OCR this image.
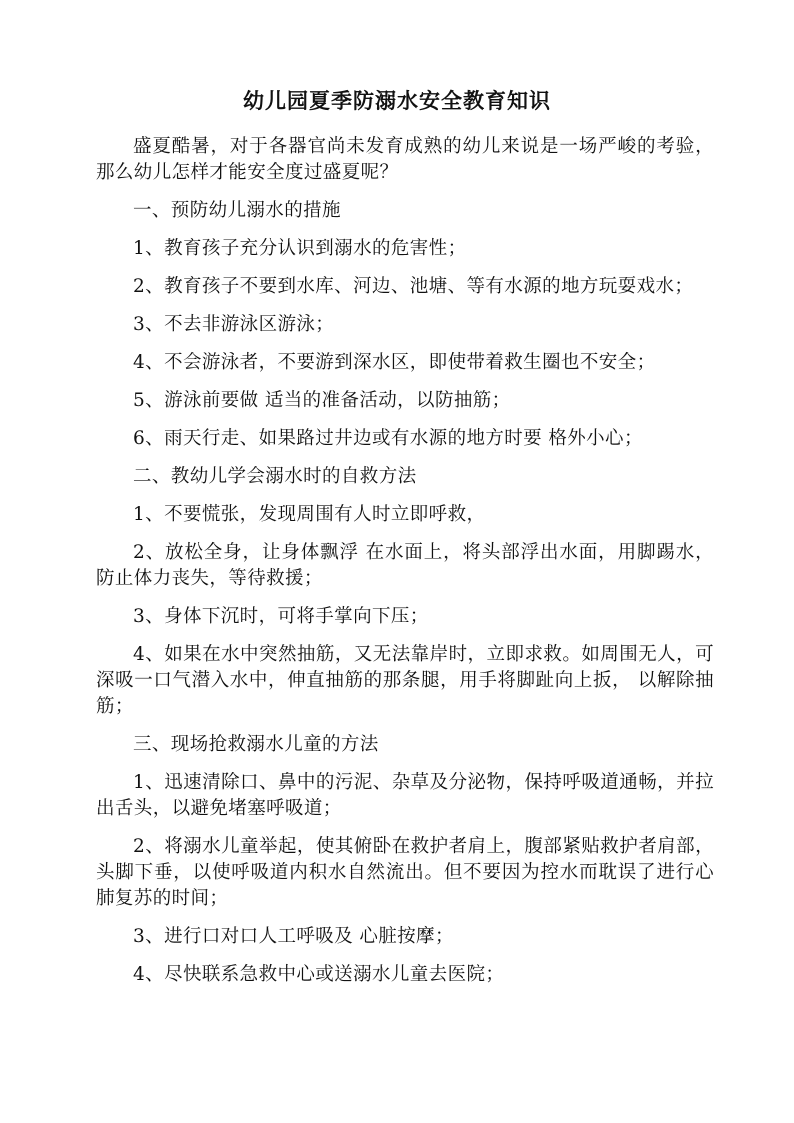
幼儿园夏季防溺水安全教育知识

盛夏酷暑，对于各器官尚未发育成熟的幼儿来说是一场严峻的考验，那么幼儿怎样才能安全度过盛夏呢？

一、预防幼儿溺水的措施

1、教育孩子充分认识到溺水的危害性；

2、教育孩子不要到水库、河边、池塘、等有水源的地方玩耍戏水；

3、不去非游泳区游泳；

4、不会游泳者，不要游到深水区，即使带着救生圈也不安全；

5、游泳前要做 适当的准备活动，以防抽筋；

6、雨天行走、如果路过井边或有水源的地方时要 格外小心；

二、教幼儿学会溺水时的自救方法

1、不要慌张，发现周围有人时立即呼救，

2、放松全身，让身体飘浮 在水面上，将头部浮出水面，用脚踢水，防止体力丧失，等待救援；

3、身体下沉时，可将手掌向下压；

4、如果在水中突然抽筋，又无法靠岸时，立即求救。如周围无人，可深吸一口气潜入水中，伸直抽筋的那条腿，用手将脚趾向上扳， 以解除抽筋；

三、现场抢救溺水儿童的方法

1、迅速清除口、鼻中的污泥、杂草及分泌物，保持呼吸道通畅，并拉出舌头，以避免堵塞呼吸道；

2、将溺水儿童举起，使其俯卧在救护者肩上，腹部紧贴救护者肩部，头脚下垂，以使呼吸道内积水自然流出。但不要因为控水而耽误了进行心肺复苏的时间；

3、进行口对口人工呼吸及 心脏按摩；

4、尽快联系急救中心或送溺水儿童去医院；
